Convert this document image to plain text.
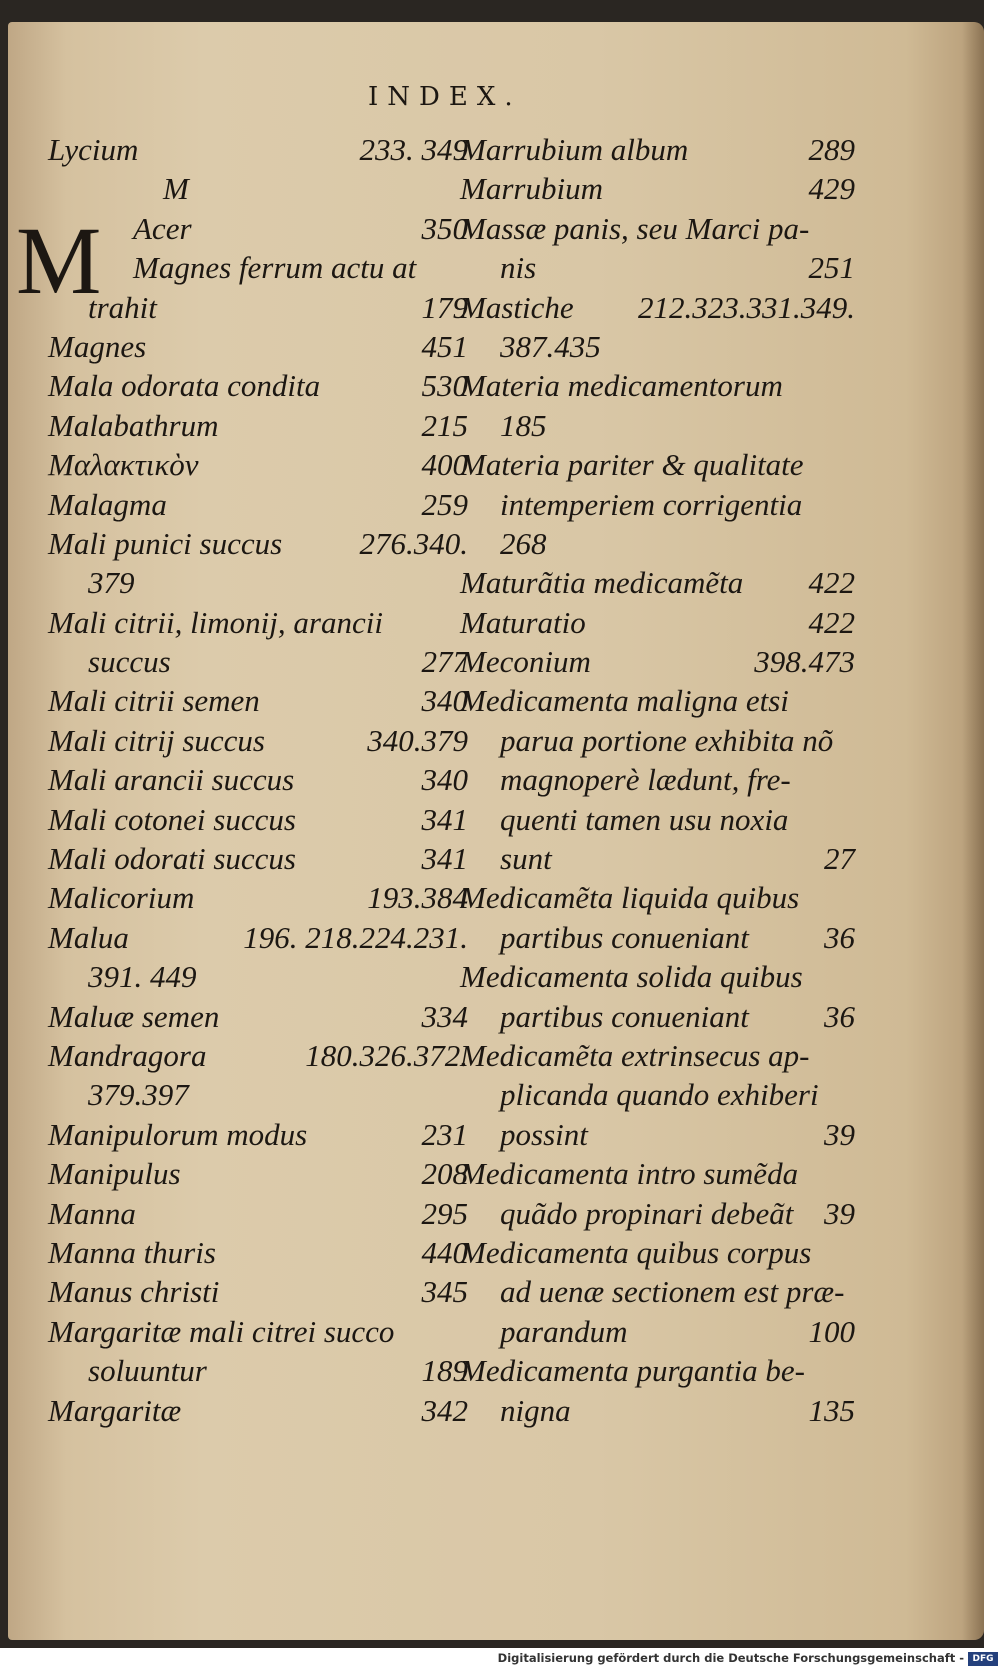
INDEX.
M
Lycium	233. 349
M
Acer	350
Magnes ferrum actu at
trahit	179
Magnes	451
Mala odorata condita	530
Malabathrum	215
Μαλακτικὸν	400
Malagma	259
Mali punici succus 276.340.
379
Mali citrii, limonij, arancii
succus	277
Mali citrii semen	340
Mali citrij succus	340.379
Mali arancii succus	340
Mali cotonei succus	341
Mali odorati succus	341
Malicorium	193.384
Malua	196. 218.224.231.
391. 449
Maluæ semen	334
Mandragora	180.326.372.
379.397
Manipulorum modus	231
Manipulus	208
Manna	295
Manna thuris	440
Manus christi	345
Margaritæ mali citrei succo
soluuntur	189
Margaritæ	342
Marrubium album	289
Marrubium	429
Massæ panis, seu Marci pa-
nis	251
Mastiche 212.323.331.349.
387.435
Materia medicamentorum
185
Materia pariter & qualitate
intemperiem corrigentia
268
Maturãtia medicamẽta 422
Maturatio	422
Meconium	398.473
Medicamenta maligna etsi
parua portione exhibita nõ
magnoperè lædunt, fre-
quenti tamen usu noxia
sunt	27
Medicamẽta liquida quibus
partibus conueniant 36
Medicamenta solida quibus
partibus conueniant 36
Medicamẽta extrinsecus ap-
plicanda quando exhiberi
possint	39
Medicamenta intro sumẽda
quãdo propinari debeãt 39
Medicamenta quibus corpus
ad uenæ sectionem est præ-
parandum	100
Medicamenta purgantia be-
nigna	135
Digitalisierung gefördert durch die Deutsche Forschungsgemeinschaft - DFG
